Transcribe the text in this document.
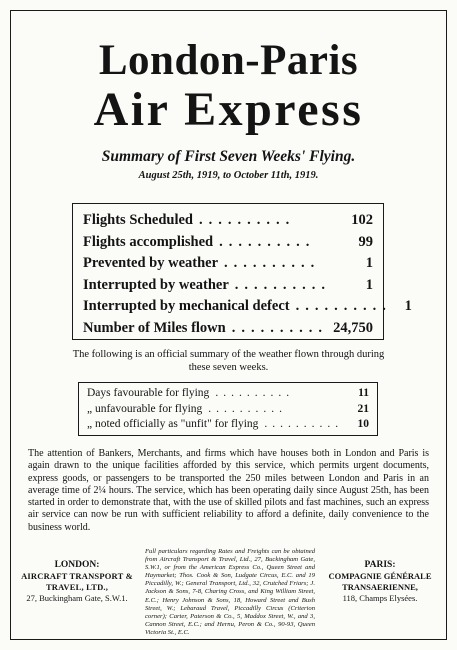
London-Paris
Air Express
Summary of First Seven Weeks' Flying.
August 25th, 1919, to October 11th, 1919.
Flights Scheduled ..........	102
Flights accomplished ..........	99
Prevented by weather ..........	1
Interrupted by weather ..........	1
Interrupted by mechanical defect .......... 1
Number of Miles flown .......... 24,750
The following is an official summary of the weather flown through during these seven weeks.
Days favourable for flying ..........	11
„ unfavourable for flying ..........	21
„ noted officially as "unfit" for flying ..........	10
The attention of Bankers, Merchants, and firms which have houses both in London and Paris is again drawn to the unique facilities afforded by this service, which permits urgent documents, express goods, or passengers to be transported the 250 miles between London and Paris in an average time of 2¼ hours. The service, which has been operating daily since August 25th, has been started in order to demonstrate that, with the use of skilled pilots and fast machines, such an express air service can now be run with sufficient reliability to afford a definite, daily convenience to the business world.
LONDON:
AIRCRAFT TRANSPORT &
TRAVEL, LTD.,
27, Buckingham Gate, S.W.1.
Full particulars regarding Rates and Freights can be obtained from Aircraft Transport & Travel, Ltd., 27, Buckingham Gate, S.W.1, or from the American Express Co., Queen Street and Haymarket; Thos. Cook & Son, Ludgate Circus, E.C. and 19 Piccadilly, W.; General Transport, Ltd., 32, Crutched Friars; J. Jackson & Sons, 7-8, Charing Cross, and King William Street, E.C.; Henry Johnson & Sons, 18, Howard Street and Bush Street, W.; Lebaraud Travel, Piccadilly Circus (Criterion corner); Carter, Paterson & Co., 5, Maddox Street, W., and 3, Cannon Street, E.C.; and Hernu, Peron & Co., 90-93, Queen Victoria St., E.C.
PARIS:
COMPAGNIE GÉNÉRALE
TRANSAERIENNE,
118, Champs Elysées.
